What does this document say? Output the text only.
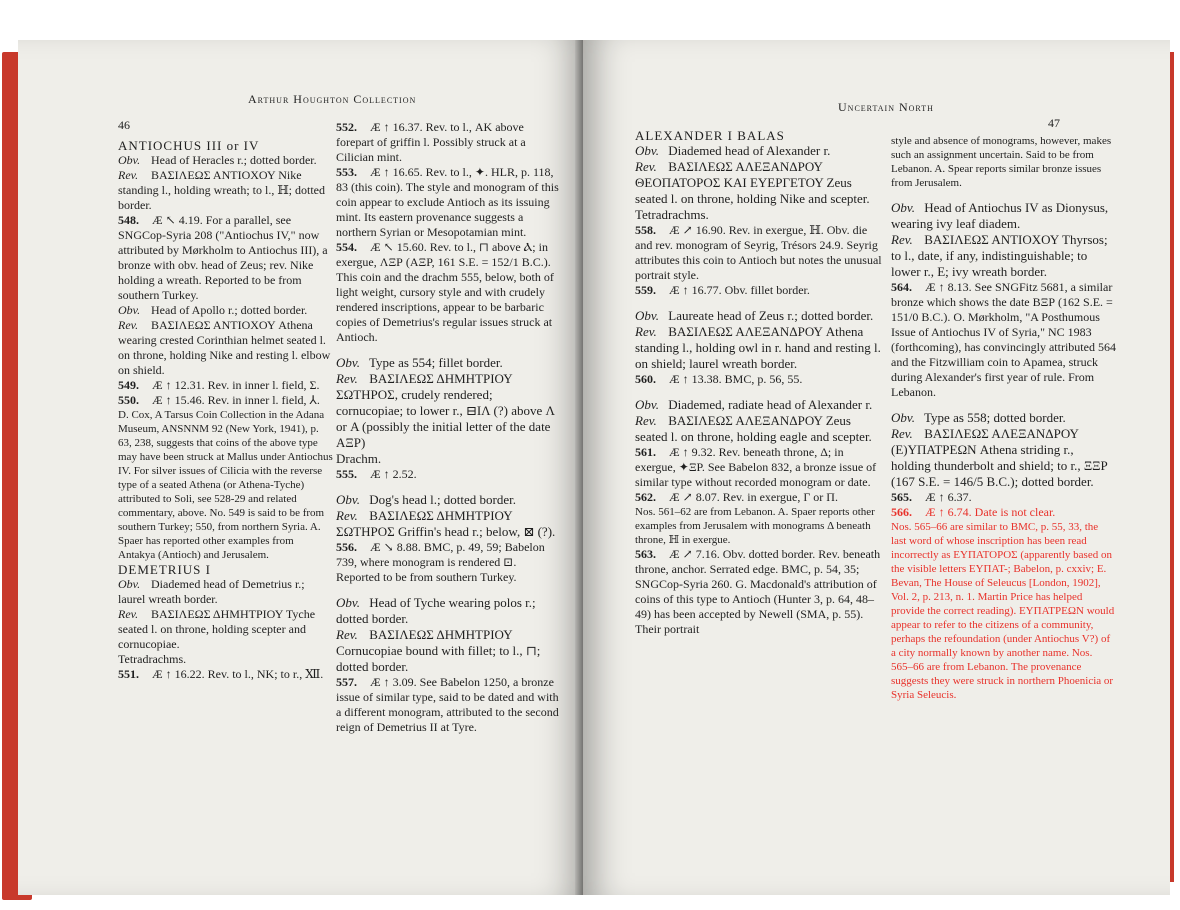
46
Arthur Houghton Collection

ANTIOCHUS III or IV

Obv. Head of Heracles r.; dotted border.

Rev. ΒΑΣΙΛΕΩΣ ΑΝΤΙΟΧΟΥ Nike standing l., holding wreath; to l., ℍ; dotted border.

548. Æ ↖ 4.19. For a parallel, see SNGCop-Syria 208 ("Antiochus IV," now attributed by Mørkholm to Antiochus III), a bronze with obv. head of Zeus; rev. Nike holding a wreath. Reported to be from southern Turkey.

Obv. Head of Apollo r.; dotted border.

Rev. ΒΑΣΙΛΕΩΣ ΑΝΤΙΟΧΟΥ Athena wearing crested Corinthian helmet seated l. on throne, holding Nike and resting l. elbow on shield.

549. Æ ↑ 12.31. Rev. in inner l. field, Σ.

550. Æ ↑ 15.46. Rev. in inner l. field, ⅄.

D. Cox, A Tarsus Coin Collection in the Adana Museum, ANSNNM 92 (New York, 1941), p. 63, 238, suggests that coins of the above type may have been struck at Mallus under Antiochus IV. For silver issues of Cilicia with the reverse type of a seated Athena (or Athena-Tyche) attributed to Soli, see 528-29 and related commentary, above. No. 549 is said to be from southern Turkey; 550, from northern Syria. A. Spaer has reported other examples from Antakya (Antioch) and Jerusalem.

DEMETRIUS I

Obv. Diademed head of Demetrius r.; laurel wreath border.

Rev. ΒΑΣΙΛΕΩΣ ΔΗΜΗΤΡΙΟΥ Tyche seated l. on throne, holding scepter and cornucopiae.

Tetradrachms.

551. Æ ↑ 16.22. Rev. to l., ΝΚ; to r., Ⅻ.

552. Æ ↑ 16.37. Rev. to l., ΑΚ above forepart of griffin l. Possibly struck at a Cilician mint.

553. Æ ↑ 16.65. Rev. to l., ✦. HLR, p. 118, 83 (this coin). The style and monogram of this coin appear to exclude Antioch as its issuing mint. Its eastern provenance suggests a northern Syrian or Mesopotamian mint.

554. Æ ↖ 15.60. Rev. to l., ⊓ above Ⲁ; in exergue, ΛΞΡ (ΑΞΡ, 161 S.E. = 152/1 B.C.). This coin and the drachm 555, below, both of light weight, cursory style and with crudely rendered inscriptions, appear to be barbaric copies of Demetrius's regular issues struck at Antioch.

Obv. Type as 554; fillet border.

Rev. ΒΑΣΙΛΕΩΣ ΔΗΜΗΤΡΙΟΥ ΣΩΤΗΡΟΣ, crudely rendered; cornucopiae; to lower r., ⊟ΙΛ (?) above Λ or Α (possibly the initial letter of the date ΑΞΡ)

Drachm.

555. Æ ↑ 2.52.

Obv. Dog's head l.; dotted border.

Rev. ΒΑΣΙΛΕΩΣ ΔΗΜΗΤΡΙΟΥ ΣΩΤΗΡΟΣ Griffin's head r.; below, ⊠ (?).

556. Æ ↘ 8.88. BMC, p. 49, 59; Babelon 739, where monogram is rendered ⊡. Reported to be from southern Turkey.

Obv. Head of Tyche wearing polos r.; dotted border.

Rev. ΒΑΣΙΛΕΩΣ ΔΗΜΗΤΡΙΟΥ Cornucopiae bound with fillet; to l., ⊓; dotted border.

557. Æ ↑ 3.09. See Babelon 1250, a bronze issue of similar type, said to be dated and with a different monogram, attributed to the second reign of Demetrius II at Tyre.

47
Uncertain North

ALEXANDER I BALAS

Obv. Diademed head of Alexander r.

Rev. ΒΑΣΙΛΕΩΣ ΑΛΕΞΑΝΔΡΟΥ ΘΕΟΠΑΤΟΡΟΣ ΚΑΙ ΕΥΕΡΓΕΤΟΥ Zeus seated l. on throne, holding Nike and scepter.

Tetradrachms.

558. Æ ↗ 16.90. Rev. in exergue, ℍ. Obv. die and rev. monogram of Seyrig, Trésors 24.9. Seyrig attributes this coin to Antioch but notes the unusual portrait style.

559. Æ ↑ 16.77. Obv. fillet border.

Obv. Laureate head of Zeus r.; dotted border.

Rev. ΒΑΣΙΛΕΩΣ ΑΛΕΞΑΝΔΡΟΥ Athena standing l., holding owl in r. hand and resting l. on shield; laurel wreath border.

560. Æ ↑ 13.38. BMC, p. 56, 55.

Obv. Diademed, radiate head of Alexander r.

Rev. ΒΑΣΙΛΕΩΣ ΑΛΕΞΑΝΔΡΟΥ Zeus seated l. on throne, holding eagle and scepter.

561. Æ ↑ 9.32. Rev. beneath throne, Δ; in exergue, ✦ΞΡ. See Babelon 832, a bronze issue of similar type without recorded monogram or date.

562. Æ ↗ 8.07. Rev. in exergue, Γ or Π.

Nos. 561–62 are from Lebanon. A. Spaer reports other examples from Jerusalem with monograms Δ beneath throne, ℍ in exergue.

563. Æ ↗ 7.16. Obv. dotted border. Rev. beneath throne, anchor. Serrated edge. BMC, p. 54, 35; SNGCop-Syria 260. G. Macdonald's attribution of coins of this type to Antioch (Hunter 3, p. 64, 48–49) has been accepted by Newell (SMA, p. 55). Their portrait

style and absence of monograms, however, makes such an assignment uncertain. Said to be from Lebanon. A. Spear reports similar bronze issues from Jerusalem.

Obv. Head of Antiochus IV as Dionysus, wearing ivy leaf diadem.

Rev. ΒΑΣΙΛΕΩΣ ΑΝΤΙΟΧΟΥ Thyrsos; to l., date, if any, indistinguishable; to lower r., Ε; ivy wreath border.

564. Æ ↑ 8.13. See SNGFitz 5681, a similar bronze which shows the date ΒΞΡ (162 S.E. = 151/0 B.C.). O. Mørkholm, "A Posthumous Issue of Antiochus IV of Syria," NC 1983 (forthcoming), has convincingly attributed 564 and the Fitzwilliam coin to Apamea, struck during Alexander's first year of rule. From Lebanon.

Obv. Type as 558; dotted border.

Rev. ΒΑΣΙΛΕΩΣ ΑΛΕΞΑΝΔΡΟΥ (Ε)ΥΠΑΤΡΕΩΝ Athena striding r., holding thunderbolt and shield; to r., ΞΞΡ (167 S.E. = 146/5 B.C.); dotted border.

565. Æ ↑ 6.37.

566. Æ ↑ 6.74. Date is not clear.

Nos. 565–66 are similar to BMC, p. 55, 33, the last word of whose inscription has been read incorrectly as ΕΥΠΑΤΟΡΟΣ (apparently based on the visible letters ΕΥΠΑΤ-; Babelon, p. cxxiv; E. Bevan, The House of Seleucus [London, 1902], Vol. 2, p. 213, n. 1. Martin Price has helped provide the correct reading). ΕΥΠΑΤΡΕΩΝ would appear to refer to the citizens of a community, perhaps the refoundation (under Antiochus V?) of a city normally known by another name. Nos. 565–66 are from Lebanon. The provenance suggests they were struck in northern Phoenicia or Syria Seleucis.
